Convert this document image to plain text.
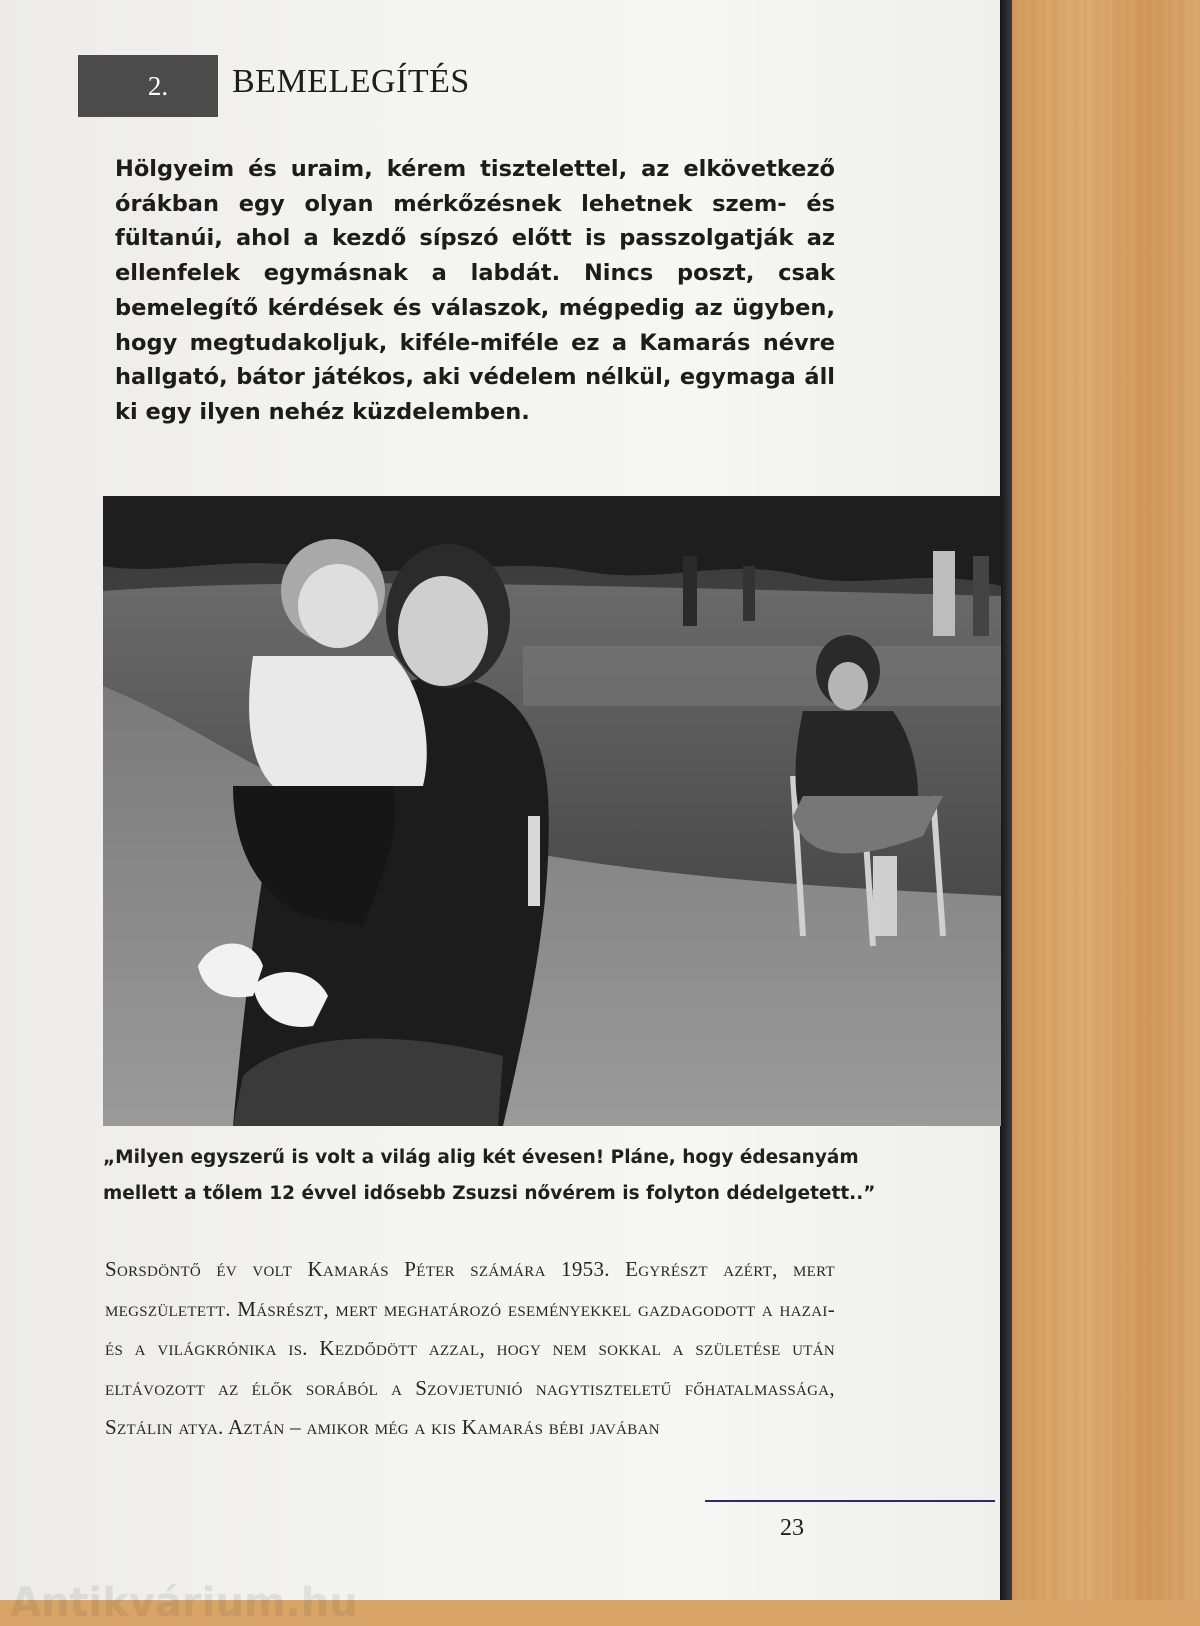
2. BEMELEGÍTÉS

Hölgyeim és uraim, kérem tisztelettel, az elkövetkező órákban egy olyan mérkőzésnek lehetnek szem- és fültanúi, ahol a kezdő sípszó előtt is passzolgatják az ellenfelek egymásnak a labdát. Nincs poszt, csak bemelegítő kérdések és válaszok, mégpedig az ügyben, hogy megtudakoljuk, kiféle-miféle ez a Kamarás névre hallgató, bátor játékos, aki védelem nélkül, egymaga áll ki egy ilyen nehéz küzdelemben.

„Milyen egyszerű is volt a világ alig két évesen! Pláne, hogy édesanyám mellett a tőlem 12 évvel idősebb Zsuzsi nővérem is folyton dédelgetett..”

Sorsdöntő év volt Kamarás Péter számára 1953. Egyrészt azért, mert megszületett. Másrészt, mert meghatározó eseményekkel gazdagodott a hazai- és a világkrónika is. Kezdődött azzal, hogy nem sokkal a születése után eltávozott az élők sorából a Szovjetunió nagytiszteletű főhatalmassága, Sztálin atya. Aztán – amikor még a kis Kamarás bébi javában

23
Antikvárium.hu
